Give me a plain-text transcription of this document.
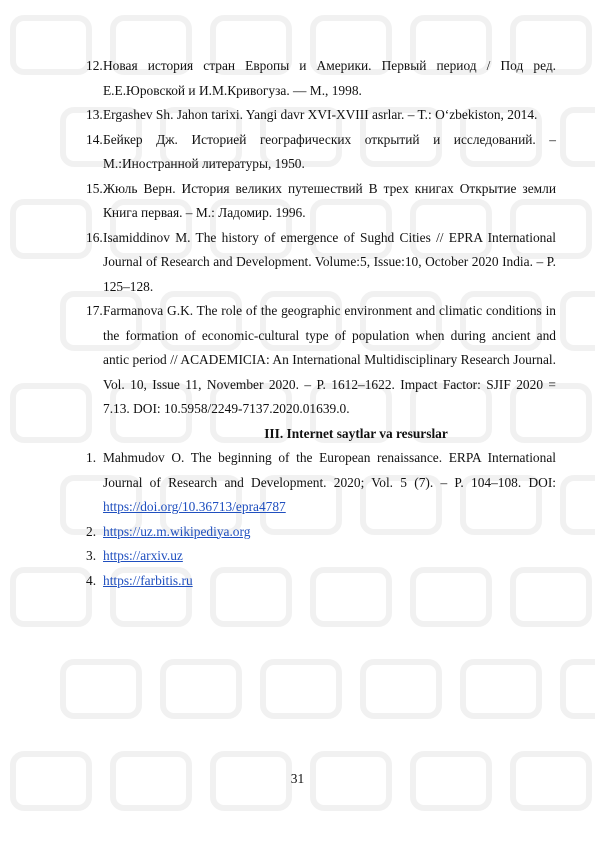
12. Новая история стран Европы и Америки. Первый период / Под ред. Е.Е.Юровской и И.М.Кривогуза. — М., 1998.
13. Ergashev Sh. Jahon tarixi. Yangi davr XVI-XVIII asrlar. – T.: O‘zbekiston, 2014.
14. Бейкер Дж. Историей географических открытий и исследований. – М.:Иностранной литературы, 1950.
15. Жюль Верн. История великих путешествий В трех книгах Открытие земли Книга первая. – М.: Ладомир. 1996.
16. Isamiddinov M. The history of emergence of Sughd Cities // EPRA International Journal of Research and Development. Volume:5, Issue:10, October 2020 India. – P. 125–128.
17. Farmanova G.K. The role of the geographic environment and climatic conditions in the formation of economic-cultural type of population when during ancient and antic period // ACADEMICIA: An International Multidisciplinary Research Journal. Vol. 10, Issue 11, November 2020. – P. 1612–1622. Impact Factor: SJIF 2020 = 7.13. DOI: 10.5958/2249-7137.2020.01639.0.

III. Internet saytlar va resurslar

1. Mahmudov O. The beginning of the European renaissance. ERPA International Journal of Research and Development. 2020; Vol. 5 (7). – P. 104–108. DOI: https://doi.org/10.36713/epra4787
2. https://uz.m.wikipediya.org
3. https://arxiv.uz
4. https://farbitis.ru
31
